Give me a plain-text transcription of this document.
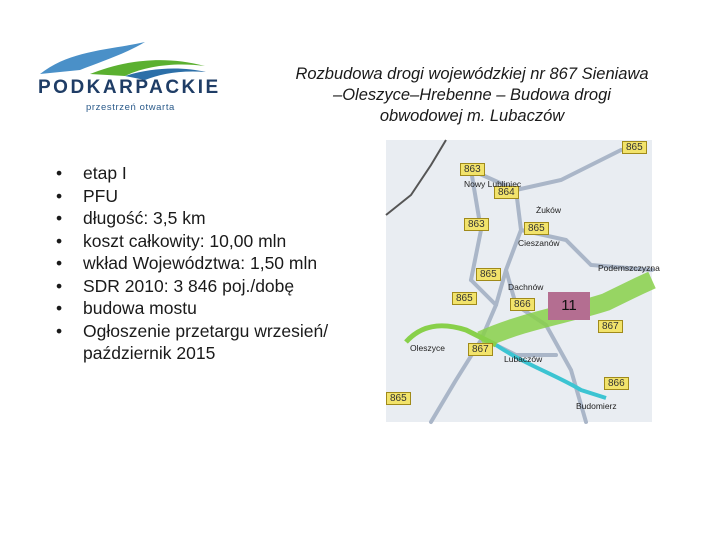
PODKARPACKIE
przestrzeń otwarta
Rozbudowa drogi wojewódzkiej nr 867 Sieniawa
–Oleszyce–Hrebenne – Budowa drogi
obwodowej m. Lubaczów
• etap I
• PFU
• długość: 3,5 km
• koszt całkowity: 10,00 mln
• wkład Województwa: 1,50 mln
• SDR 2010: 3 846 poj./dobę
• budowa mostu
• Ogłoszenie przetargu wrzesień/ październik 2015
865
863
864
863	865
865
865
866
867
867
866
865
Nowy Lubliniec
Żuków
Cieszanów
Dachnów
Podemszczyzna
Oleszyce
Lubaczów
Budomierz
11
